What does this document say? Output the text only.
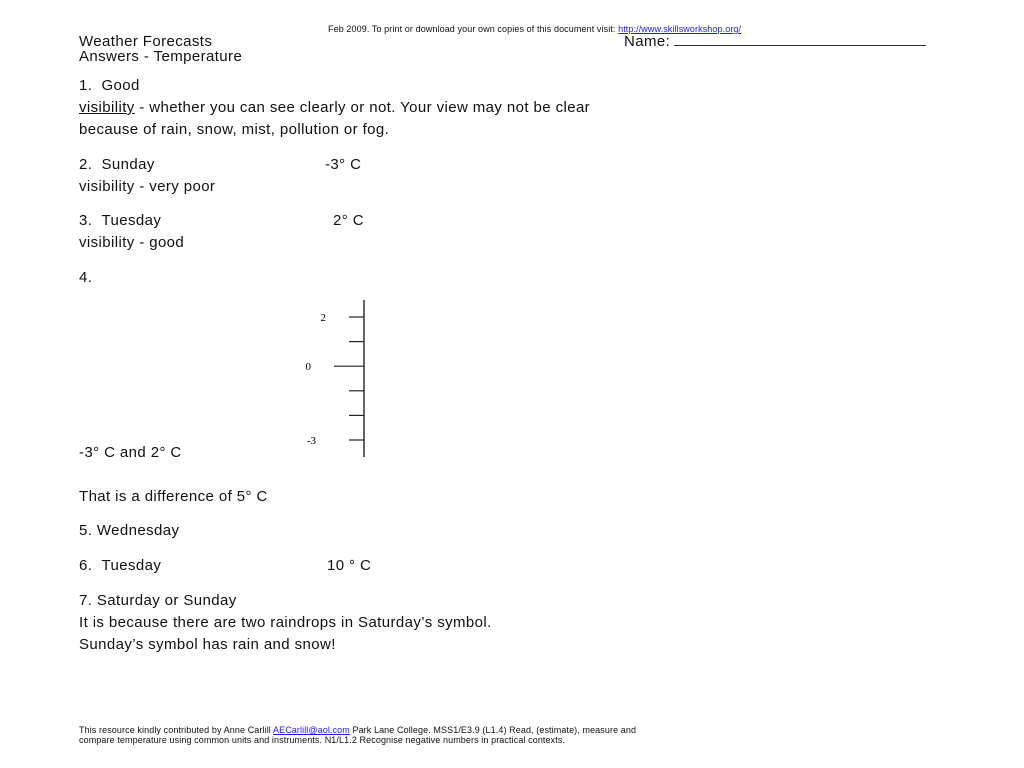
Feb 2009. To print or download your own copies of this document visit: http://www.skillsworkshop.org/
Weather Forecasts
Answers - Temperature
Name:
1. Good
visibility - whether you can see clearly or not. Your view may not be clear
because of rain, snow, mist, pollution or fog.
2. Sunday	-3° C
visibility - very poor
3. Tuesday	2° C
visibility - good
4.
2
0
-3
-3° C and 2° C
That is a difference of 5° C
5. Wednesday
6. Tuesday	10 ° C
7. Saturday or Sunday
It is because there are two raindrops in Saturday’s symbol.
Sunday’s symbol has rain and snow!
This resource kindly contributed by Anne Carlill AECarlill@aol.com Park Lane College. MSS1/E3.9 (L1.4) Read, (estimate), measure and
compare temperature using common units and instruments. N1/L1.2 Recognise negative numbers in practical contexts.
